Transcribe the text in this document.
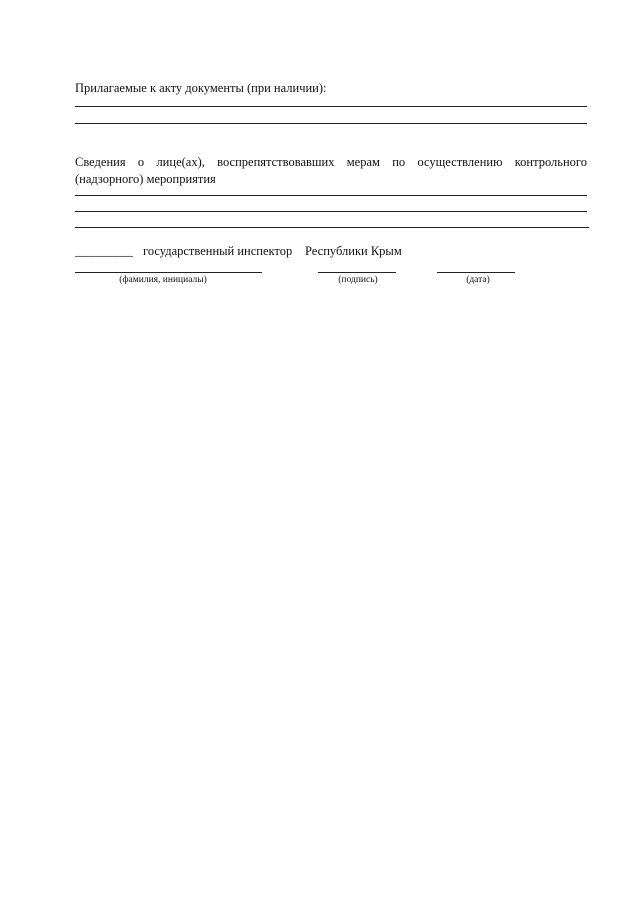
Прилагаемые к акту документы (при наличии):
Сведения о лице(ах), воспрепятствовавших мерам по осуществлению контрольного
(надзорного) мероприятия
__________ государственный инспектор Республики Крым
(фамилия, инициалы)	(подпись)	(дата)
